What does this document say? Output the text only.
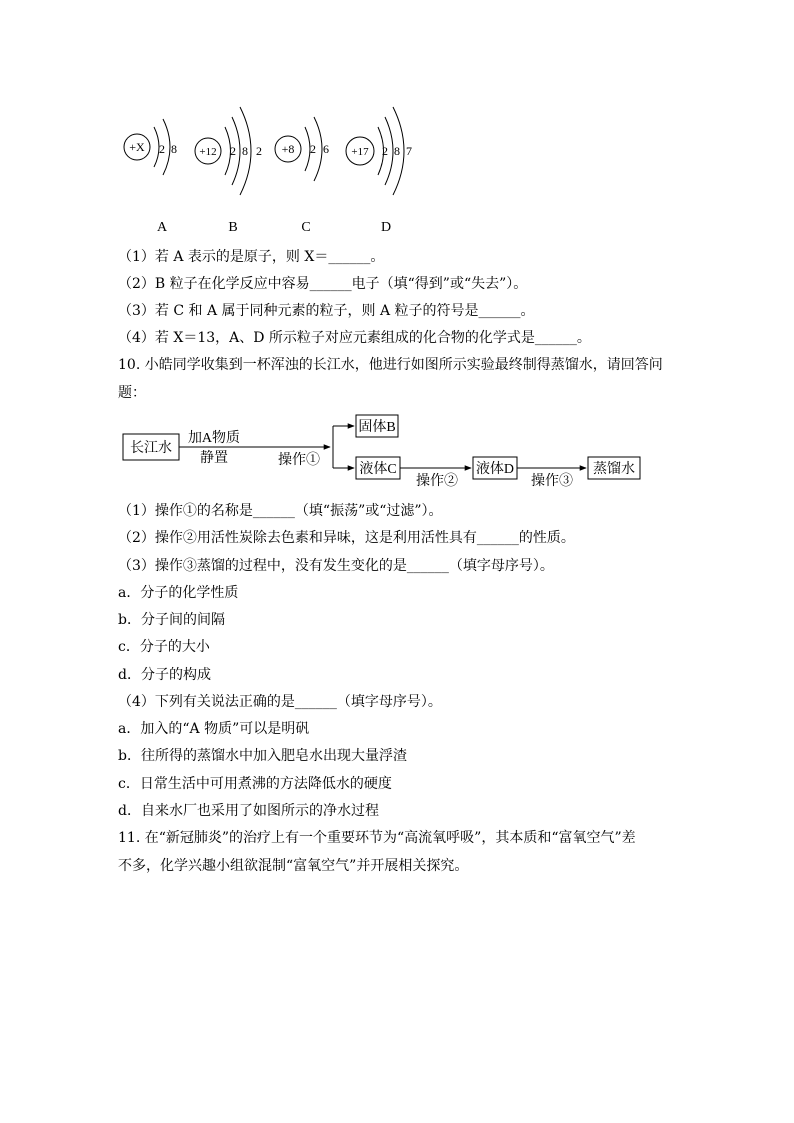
+X 2 8 +12 2 8 2 +8 2 6 +17 2 8 7
A	B	C	D
（1）若 A 表示的是原子，则 X＝______。
（2）B 粒子在化学反应中容易______电子（填“得到”或“失去”）。
（3）若 C 和 A 属于同种元素的粒子，则 A 粒子的符号是______。
（4）若 X＝13，A、D 所示粒子对应元素组成的化合物的化学式是______。
10. 小皓同学收集到一杯浑浊的长江水，他进行如图所示实验最终制得蒸馏水，请回答问
题：
长江水
加A物质
静置	操作①
固体B
液体C
操作②
液体D
操作③
蒸馏水
（1）操作①的名称是______（填“振荡”或“过滤”）。
（2）操作②用活性炭除去色素和异味，这是利用活性具有______的性质。
（3）操作③蒸馏的过程中，没有发生变化的是______（填字母序号）。
a．分子的化学性质
b．分子间的间隔
c．分子的大小
d．分子的构成
（4）下列有关说法正确的是______（填字母序号）。
a．加入的“A 物质”可以是明矾
b．往所得的蒸馏水中加入肥皂水出现大量浮渣
c．日常生活中可用煮沸的方法降低水的硬度
d．自来水厂也采用了如图所示的净水过程
11. 在“新冠肺炎”的治疗上有一个重要环节为“高流氧呼吸”，其本质和“富氧空气”差
不多，化学兴趣小组欲混制“富氧空气”并开展相关探究。
